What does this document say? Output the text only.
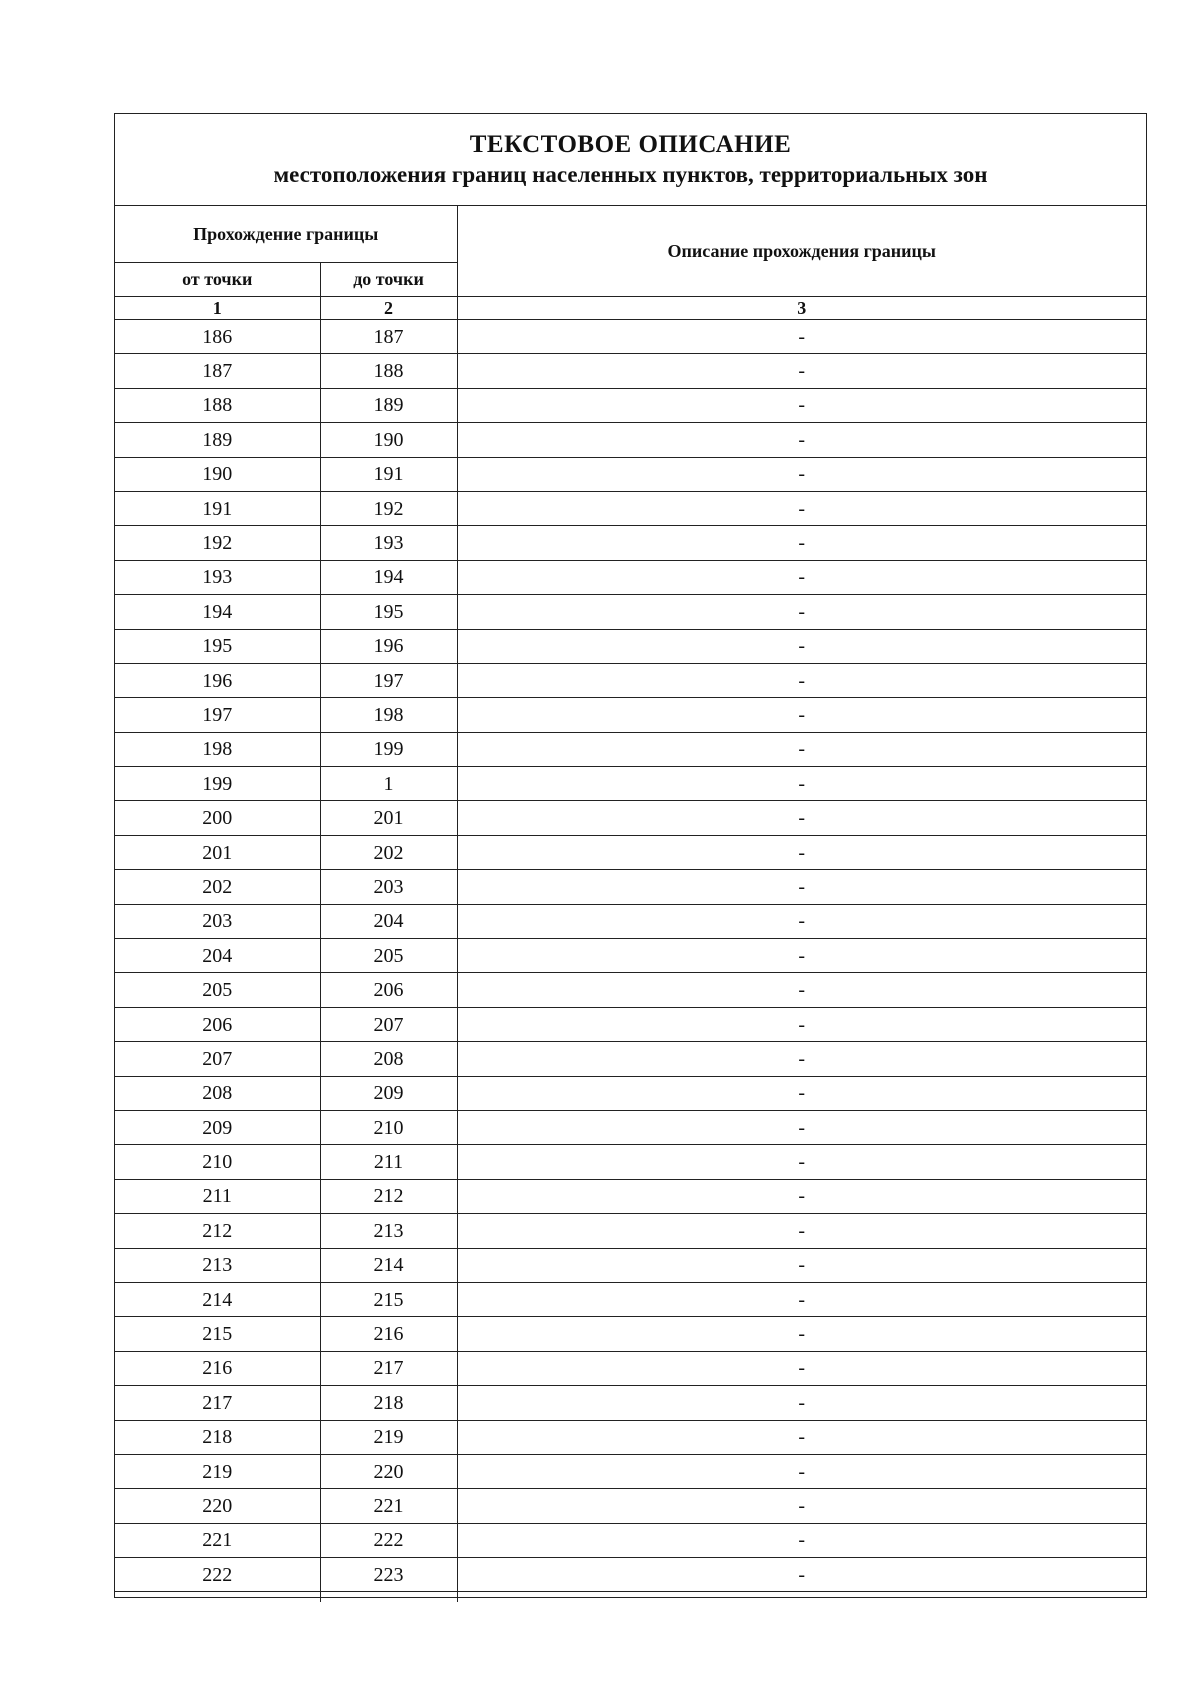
ТЕКСТОВОЕ ОПИСАНИЕ
местоположения границ населенных пунктов, территориальных зон
Прохождение границы		Описание прохождения границы
от точки	до точки	
1	2	3
186	187	-
187	188	-
188	189	-
189	190	-
190	191	-
191	192	-
192	193	-
193	194	-
194	195	-
195	196	-
196	197	-
197	198	-
198	199	-
199	1	-
200	201	-
201	202	-
202	203	-
203	204	-
204	205	-
205	206	-
206	207	-
207	208	-
208	209	-
209	210	-
210	211	-
211	212	-
212	213	-
213	214	-
214	215	-
215	216	-
216	217	-
217	218	-
218	219	-
219	220	-
220	221	-
221	222	-
222	223	-
